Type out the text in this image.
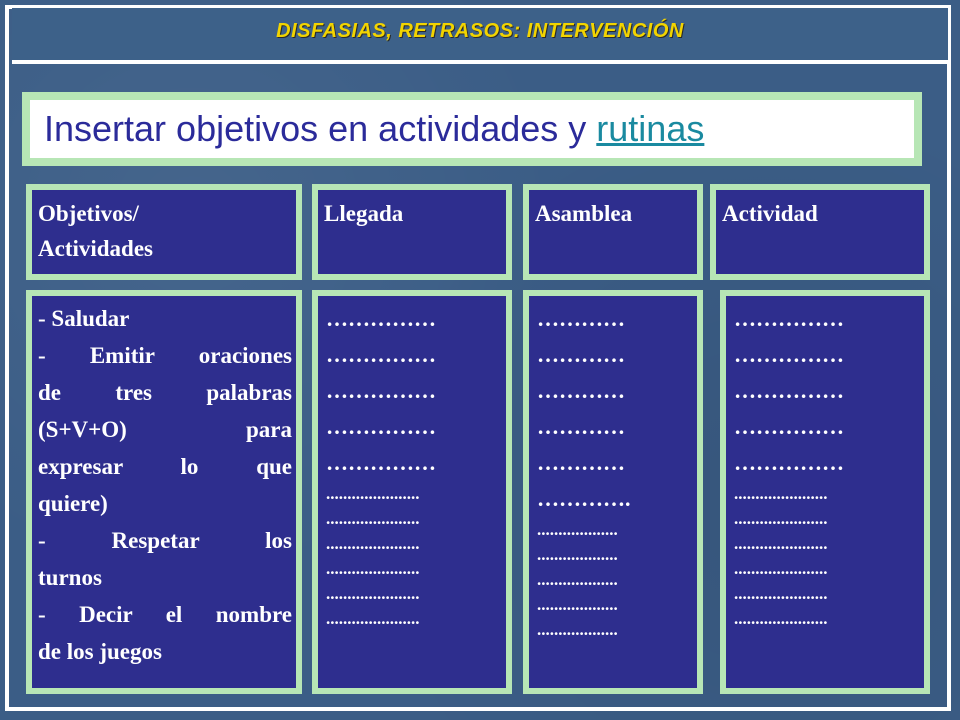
DISFASIAS, RETRASOS: INTERVENCIÓN
Insertar objetivos en actividades y rutinas
Objetivos/
Actividades
Llegada	Asamblea	Actividad
- Saludar
- Emitir oraciones
de tres palabras
(S+V+O) para
expresar lo que
quiere)
- Respetar los
turnos
- Decir el nombre
de los juegos
……………
……………
……………
……………
……………
......................
......................
......................
......................
......................
......................
…………
…………
…………
…………
…………
………….
...................
...................
...................
...................
...................
……………
……………
……………
……………
……………
......................
......................
......................
......................
......................
......................
